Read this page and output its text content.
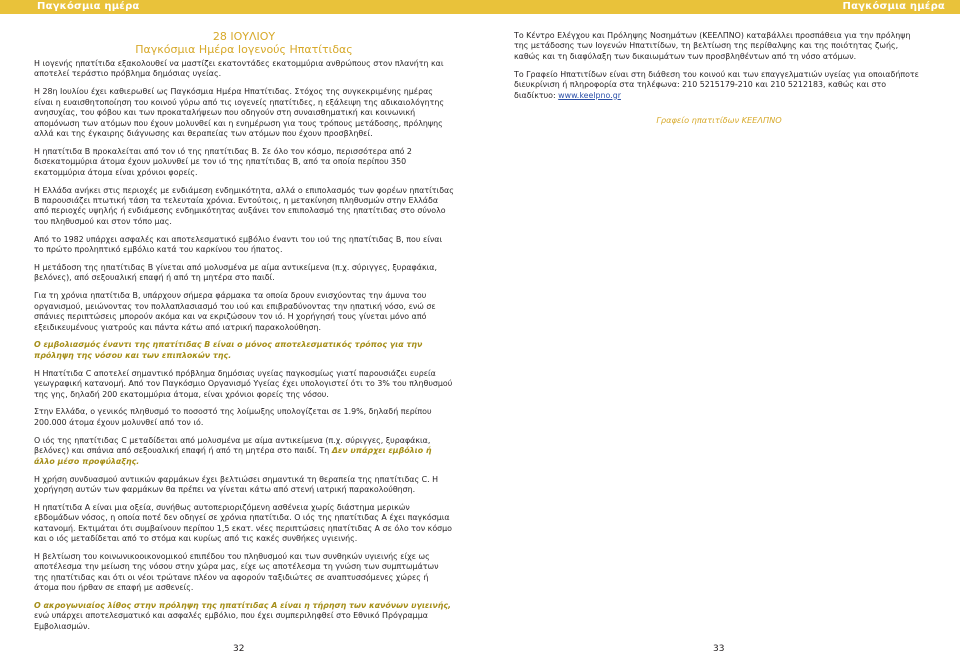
Παγκόσμια ημέρα	Παγκόσμια ημέρα
28 ΙΟΥΛΙΟΥ
Παγκόσμια Ημέρα Ιογενούς Ηπατίτιδας

Η ιογενής ηπατίτιδα εξακολουθεί να μαστίζει εκατοντάδες εκατομμύρια ανθρώπους στον πλανήτη και αποτελεί τεράστιο πρόβλημα δημόσιας υγείας.

Η 28η Ιουλίου έχει καθιερωθεί ως Παγκόσμια Ημέρα Ηπατίτιδας. Στόχος της συγκεκριμένης ημέρας είναι η ευαισθητοποίηση του κοινού γύρω από τις ιογενείς ηπατίτιδες, η εξάλειψη της αδικαιολόγητης ανησυχίας, του φόβου και των προκαταλήψεων που οδηγούν στη συναισθηματική και κοινωνική απομόνωση των ατόμων που έχουν μολυνθεί και η ενημέρωση για τους τρόπους μετάδοσης, πρόληψης αλλά και της έγκαιρης διάγνωσης και θεραπείας των ατόμων που έχουν προσβληθεί.

Η ηπατίτιδα Β προκαλείται από τον ιό της ηπατίτιδας Β. Σε όλο τον κόσμο, περισσότερα από 2 δισεκατομμύρια άτομα έχουν μολυνθεί με τον ιό της ηπατίτιδας Β, από τα οποία περίπου 350 εκατομμύρια άτομα είναι χρόνιοι φορείς.

Η Ελλάδα ανήκει στις περιοχές με ενδιάμεση ενδημικότητα, αλλά ο επιπολασμός των φορέων ηπατίτιδας Β παρουσιάζει πτωτική τάση τα τελευταία χρόνια. Εντούτοις, η μετακίνηση πληθυσμών στην Ελλάδα από περιοχές υψηλής ή ενδιάμεσης ενδημικότητας αυξάνει τον επιπολασμό της ηπατίτιδας στο σύνολο του πληθυσμού και στον τόπο μας.

Από το 1982 υπάρχει ασφαλές και αποτελεσματικό εμβόλιο έναντι του ιού της ηπατίτιδας Β, που είναι το πρώτο προληπτικό εμβόλιο κατά του καρκίνου του ήπατος.

Η μετάδοση της ηπατίτιδας Β γίνεται από μολυσμένα με αίμα αντικείμενα (π.χ. σύριγγες, ξυραφάκια, βελόνες), από σεξουαλική επαφή ή από τη μητέρα στο παιδί.

Για τη χρόνια ηπατίτιδα Β, υπάρχουν σήμερα φάρμακα τα οποία δρουν ενισχύοντας την άμυνα του οργανισμού, μειώνοντας τον πολλαπλασιασμό του ιού και επιβραδύνοντας την ηπατική νόσο, ενώ σε σπάνιες περιπτώσεις μπορούν ακόμα και να εκριζώσουν τον ιό. Η χορήγησή τους γίνεται μόνο από εξειδικευμένους γιατρούς και πάντα κάτω από ιατρική παρακολούθηση.

Ο εμβολιασμός έναντι της ηπατίτιδας Β είναι ο μόνος αποτελεσματικός τρόπος για την πρόληψη της νόσου και των επιπλοκών της.

Η Ηπατίτιδα C αποτελεί σημαντικό πρόβλημα δημόσιας υγείας παγκοσμίως γιατί παρουσιάζει ευρεία γεωγραφική κατανομή. Από τον Παγκόσμιο Οργανισμό Υγείας έχει υπολογιστεί ότι το 3% του πληθυσμού της γης, δηλαδή 200 εκατομμύρια άτομα, είναι χρόνιοι φορείς της νόσου.

Στην Ελλάδα, ο γενικός πληθυσμό το ποσοστό της λοίμωξης υπολογίζεται σε 1.9%, δηλαδή περίπου 200.000 άτομα έχουν μολυνθεί από τον ιό.

Ο ιός της ηπατίτιδας C μεταδίδεται από μολυσμένα με αίμα αντικείμενα (π.χ. σύριγγες, ξυραφάκια, βελόνες) και σπάνια από σεξουαλική επαφή ή από τη μητέρα στο παιδί. Τη Δεν υπάρχει εμβόλιο ή άλλο μέσο προφύλαξης.

Η χρήση συνδυασμού αντιικών φαρμάκων έχει βελτιώσει σημαντικά τη θεραπεία της ηπατίτιδας C. Η χορήγηση αυτών των φαρμάκων θα πρέπει να γίνεται κάτω από στενή ιατρική παρακολούθηση.

Η ηπατίτιδα Α είναι μια οξεία, συνήθως αυτοπεριοριζόμενη ασθένεια χωρίς διάστημα μερικών εβδομάδων νόσος, η οποία ποτέ δεν οδηγεί σε χρόνια ηπατίτιδα. Ο ιός της ηπατίτιδας Α έχει παγκόσμια κατανομή. Εκτιμάται ότι συμβαίνουν περίπου 1,5 εκατ. νέες περιπτώσεις ηπατίτιδας Α σε όλο τον κόσμο και ο ιός μεταδίδεται από το στόμα και κυρίως από τις κακές συνθήκες υγιεινής.

Η βελτίωση του κοινωνικοοικονομικού επιπέδου του πληθυσμού και των συνθηκών υγιεινής είχε ως αποτέλεσμα την μείωση της νόσου στην χώρα μας, είχε ως αποτέλεσμα τη γνώση των συμπτωμάτων της ηπατίτιδας και ότι οι νέοι τρώτανε πλέον να αφορούν ταξιδιώτες σε αναπτυσσόμενες χώρες ή άτομα που ήρθαν σε επαφή με ασθενείς.

Ο ακρογωνιαίος λίθος στην πρόληψη της ηπατίτιδας Α είναι η τήρηση των κανόνων υγιεινής, ενώ υπάρχει αποτελεσματικό και ασφαλές εμβόλιο, που έχει συμπεριληφθεί στο Εθνικό Πρόγραμμα Εμβολιασμών.

32

Το Κέντρο Ελέγχου και Πρόληψης Νοσημάτων (ΚΕΕΛΠΝΟ) καταβάλλει προσπάθεια για την πρόληψη της μετάδοσης των Ιογενών Ηπατιτίδων, τη βελτίωση της περίθαλψης και της ποιότητας ζωής, καθώς και τη διαφύλαξη των δικαιωμάτων των προσβληθέντων από τη νόσο ατόμων.

Το Γραφείο Ηπατιτίδων είναι στη διάθεση του κοινού και των επαγγελματιών υγείας για οποιαδήποτε διευκρίνιση ή πληροφορία στα τηλέφωνα: 210 5215179-210 και 210 5212183, καθώς και στο διαδίκτυο: www.keelpno.gr

Γραφείο ηπατιτίδων ΚΕΕΛΠΝΟ
33
